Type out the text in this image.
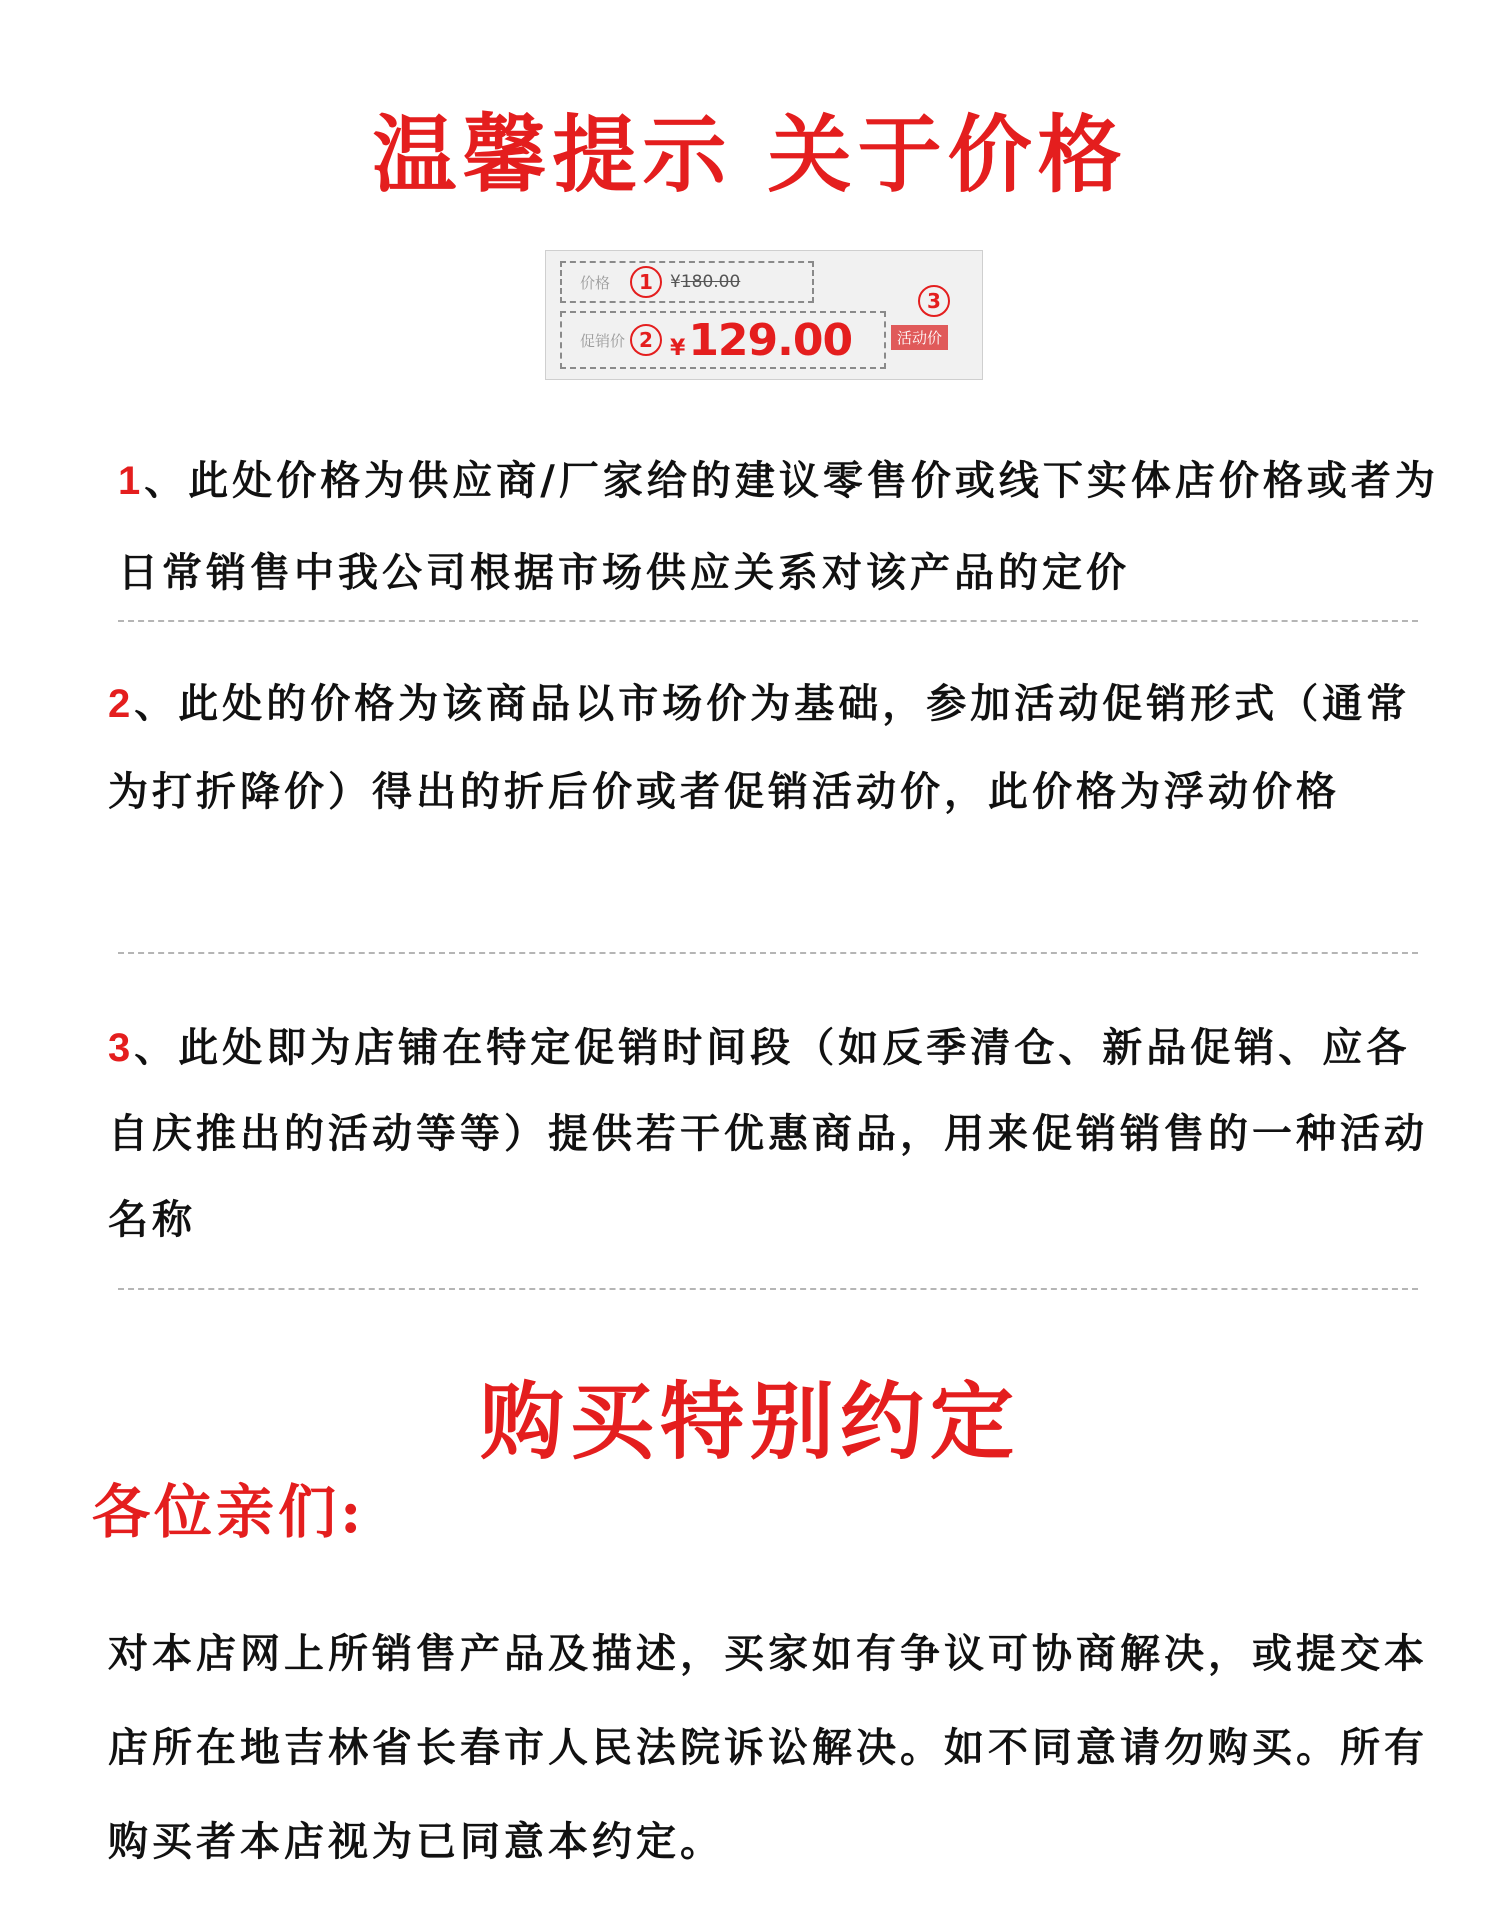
温馨提示 关于价格
价格	1	¥180.00
促销价 2 ¥129.00
3
活动价

1、此处价格为供应商/厂家给的建议零售价或线下实体店价格或者为日常销售中我公司根据市场供应关系对该产品的定价

2、此处的价格为该商品以市场价为基础，参加活动促销形式（通常为打折降价）得出的折后价或者促销活动价，此价格为浮动价格

3、此处即为店铺在特定促销时间段（如反季清仓、新品促销、应各自庆推出的活动等等）提供若干优惠商品，用来促销销售的一种活动名称

购买特别约定
各位亲们:

对本店网上所销售产品及描述，买家如有争议可协商解决，或提交本店所在地吉林省长春市人民法院诉讼解决。如不同意请勿购买。所有购买者本店视为已同意本约定。
